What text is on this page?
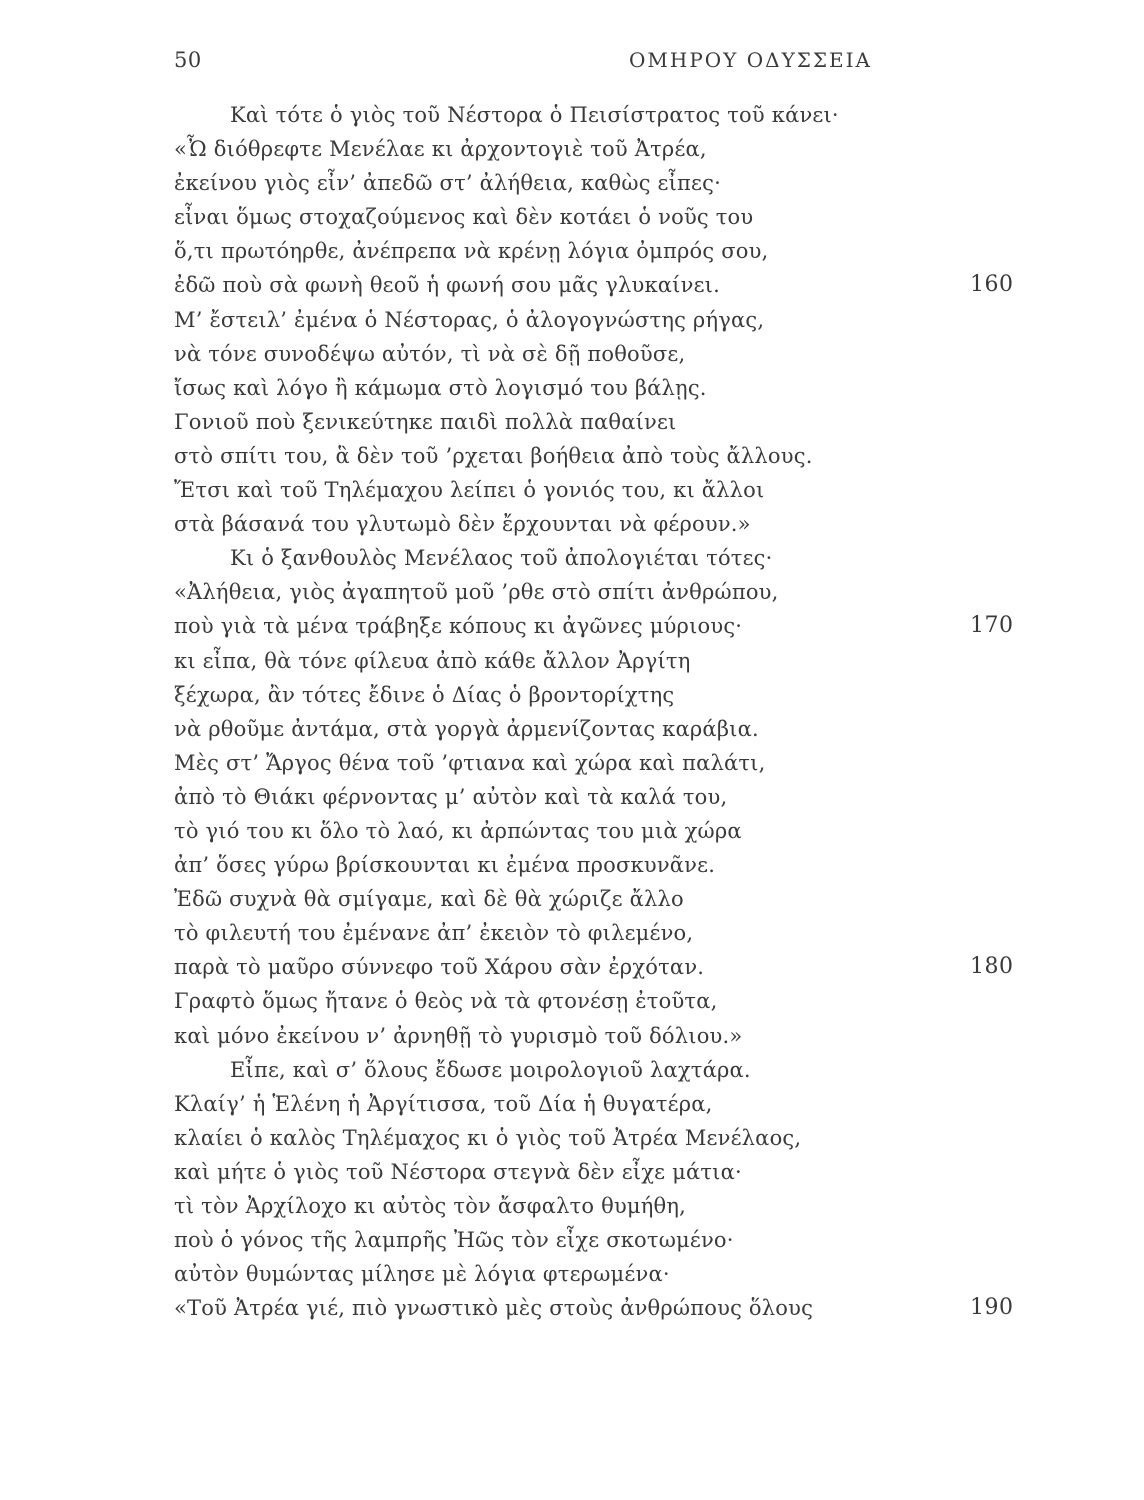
50	ΟΜΗΡΟΥ ΟΔΥΣΣΕΙΑ
Καὶ τότε ὁ γιὸς τοῦ Νέστορα ὁ Πεισίστρατος τοῦ κάνει·
«Ὦ διόθρεφτε Μενέλαε κι ἀρχοντογιὲ τοῦ Ἀτρέα,
ἐκείνου γιὸς εἶν’ ἀπεδῶ στ’ ἀλήθεια, καθὼς εἶπες·
εἶναι ὅμως στοχαζούμενος καὶ δὲν κοτάει ὁ νοῦς του
ὅ,τι πρωτόηρθε, ἀνέπρεπα νὰ κρένῃ λόγια ὀμπρός σου,
ἐδῶ ποὺ σὰ φωνὴ θεοῦ ἡ φωνή σου μᾶς γλυκαίνει.	160
Μ’ ἔστειλ’ ἐμένα ὁ Νέστορας, ὁ ἀλογογνώστης ρήγας,
νὰ τόνε συνοδέψω αὐτόν, τὶ νὰ σὲ δῇ ποθοῦσε,
ἴσως καὶ λόγο ἢ κάμωμα στὸ λογισμό του βάλῃς.
Γονιοῦ ποὺ ξενικεύτηκε παιδὶ πολλὰ παθαίνει
στὸ σπίτι του, ἃ δὲν τοῦ ’ρχεται βοήθεια ἀπὸ τοὺς ἄλλους.
Ἔτσι καὶ τοῦ Τηλέμαχου λείπει ὁ γονιός του, κι ἄλλοι
στὰ βάσανά του γλυτωμὸ δὲν ἔρχουνται νὰ φέρουν.»
Κι ὁ ξανθουλὸς Μενέλαος τοῦ ἀπολογιέται τότες·
«Ἀλήθεια, γιὸς ἀγαπητοῦ μοῦ ’ρθε στὸ σπίτι ἀνθρώπου,
ποὺ γιὰ τὰ μένα τράβηξε κόπους κι ἀγῶνες μύριους·	170
κι εἶπα, θὰ τόνε φίλευα ἀπὸ κάθε ἄλλον Ἀργίτη
ξέχωρα, ἂν τότες ἔδινε ὁ Δίας ὁ βροντορίχτης
νὰ ρθοῦμε ἀντάμα, στὰ γοργὰ ἀρμενίζοντας καράβια.
Μὲς στ’ Ἄργος θένα τοῦ ’φτιανα καὶ χώρα καὶ παλάτι,
ἀπὸ τὸ Θιάκι φέρνοντας μ’ αὐτὸν καὶ τὰ καλά του,
τὸ γιό του κι ὅλο τὸ λαό, κι ἀρπώντας του μιὰ χώρα
ἀπ’ ὅσες γύρω βρίσκουνται κι ἐμένα προσκυνᾶνε.
Ἐδῶ συχνὰ θὰ σμίγαμε, καὶ δὲ θὰ χώριζε ἄλλο
τὸ φιλευτή του ἐμένανε ἀπ’ ἐκειὸν τὸ φιλεμένο,
παρὰ τὸ μαῦρο σύννεφο τοῦ Χάρου σὰν ἐρχόταν.	180
Γραφτὸ ὅμως ἤτανε ὁ θεὸς νὰ τὰ φτονέσῃ ἐτοῦτα,
καὶ μόνο ἐκείνου ν’ ἀρνηθῇ τὸ γυρισμὸ τοῦ δόλιου.»
Εἶπε, καὶ σ’ ὅλους ἔδωσε μοιρολογιοῦ λαχτάρα.
Κλαίγ’ ἡ Ἑλένη ἡ Ἀργίτισσα, τοῦ Δία ἡ θυγατέρα,
κλαίει ὁ καλὸς Τηλέμαχος κι ὁ γιὸς τοῦ Ἀτρέα Μενέλαος,
καὶ μήτε ὁ γιὸς τοῦ Νέστορα στεγνὰ δὲν εἶχε μάτια·
τὶ τὸν Ἀρχίλοχο κι αὐτὸς τὸν ἄσφαλτο θυμήθη,
ποὺ ὁ γόνος τῆς λαμπρῆς Ἠῶς τὸν εἶχε σκοτωμένο·
αὐτὸν θυμώντας μίλησε μὲ λόγια φτερωμένα·
«Τοῦ Ἀτρέα γιέ, πιὸ γνωστικὸ μὲς στοὺς ἀνθρώπους ὅλους	190
